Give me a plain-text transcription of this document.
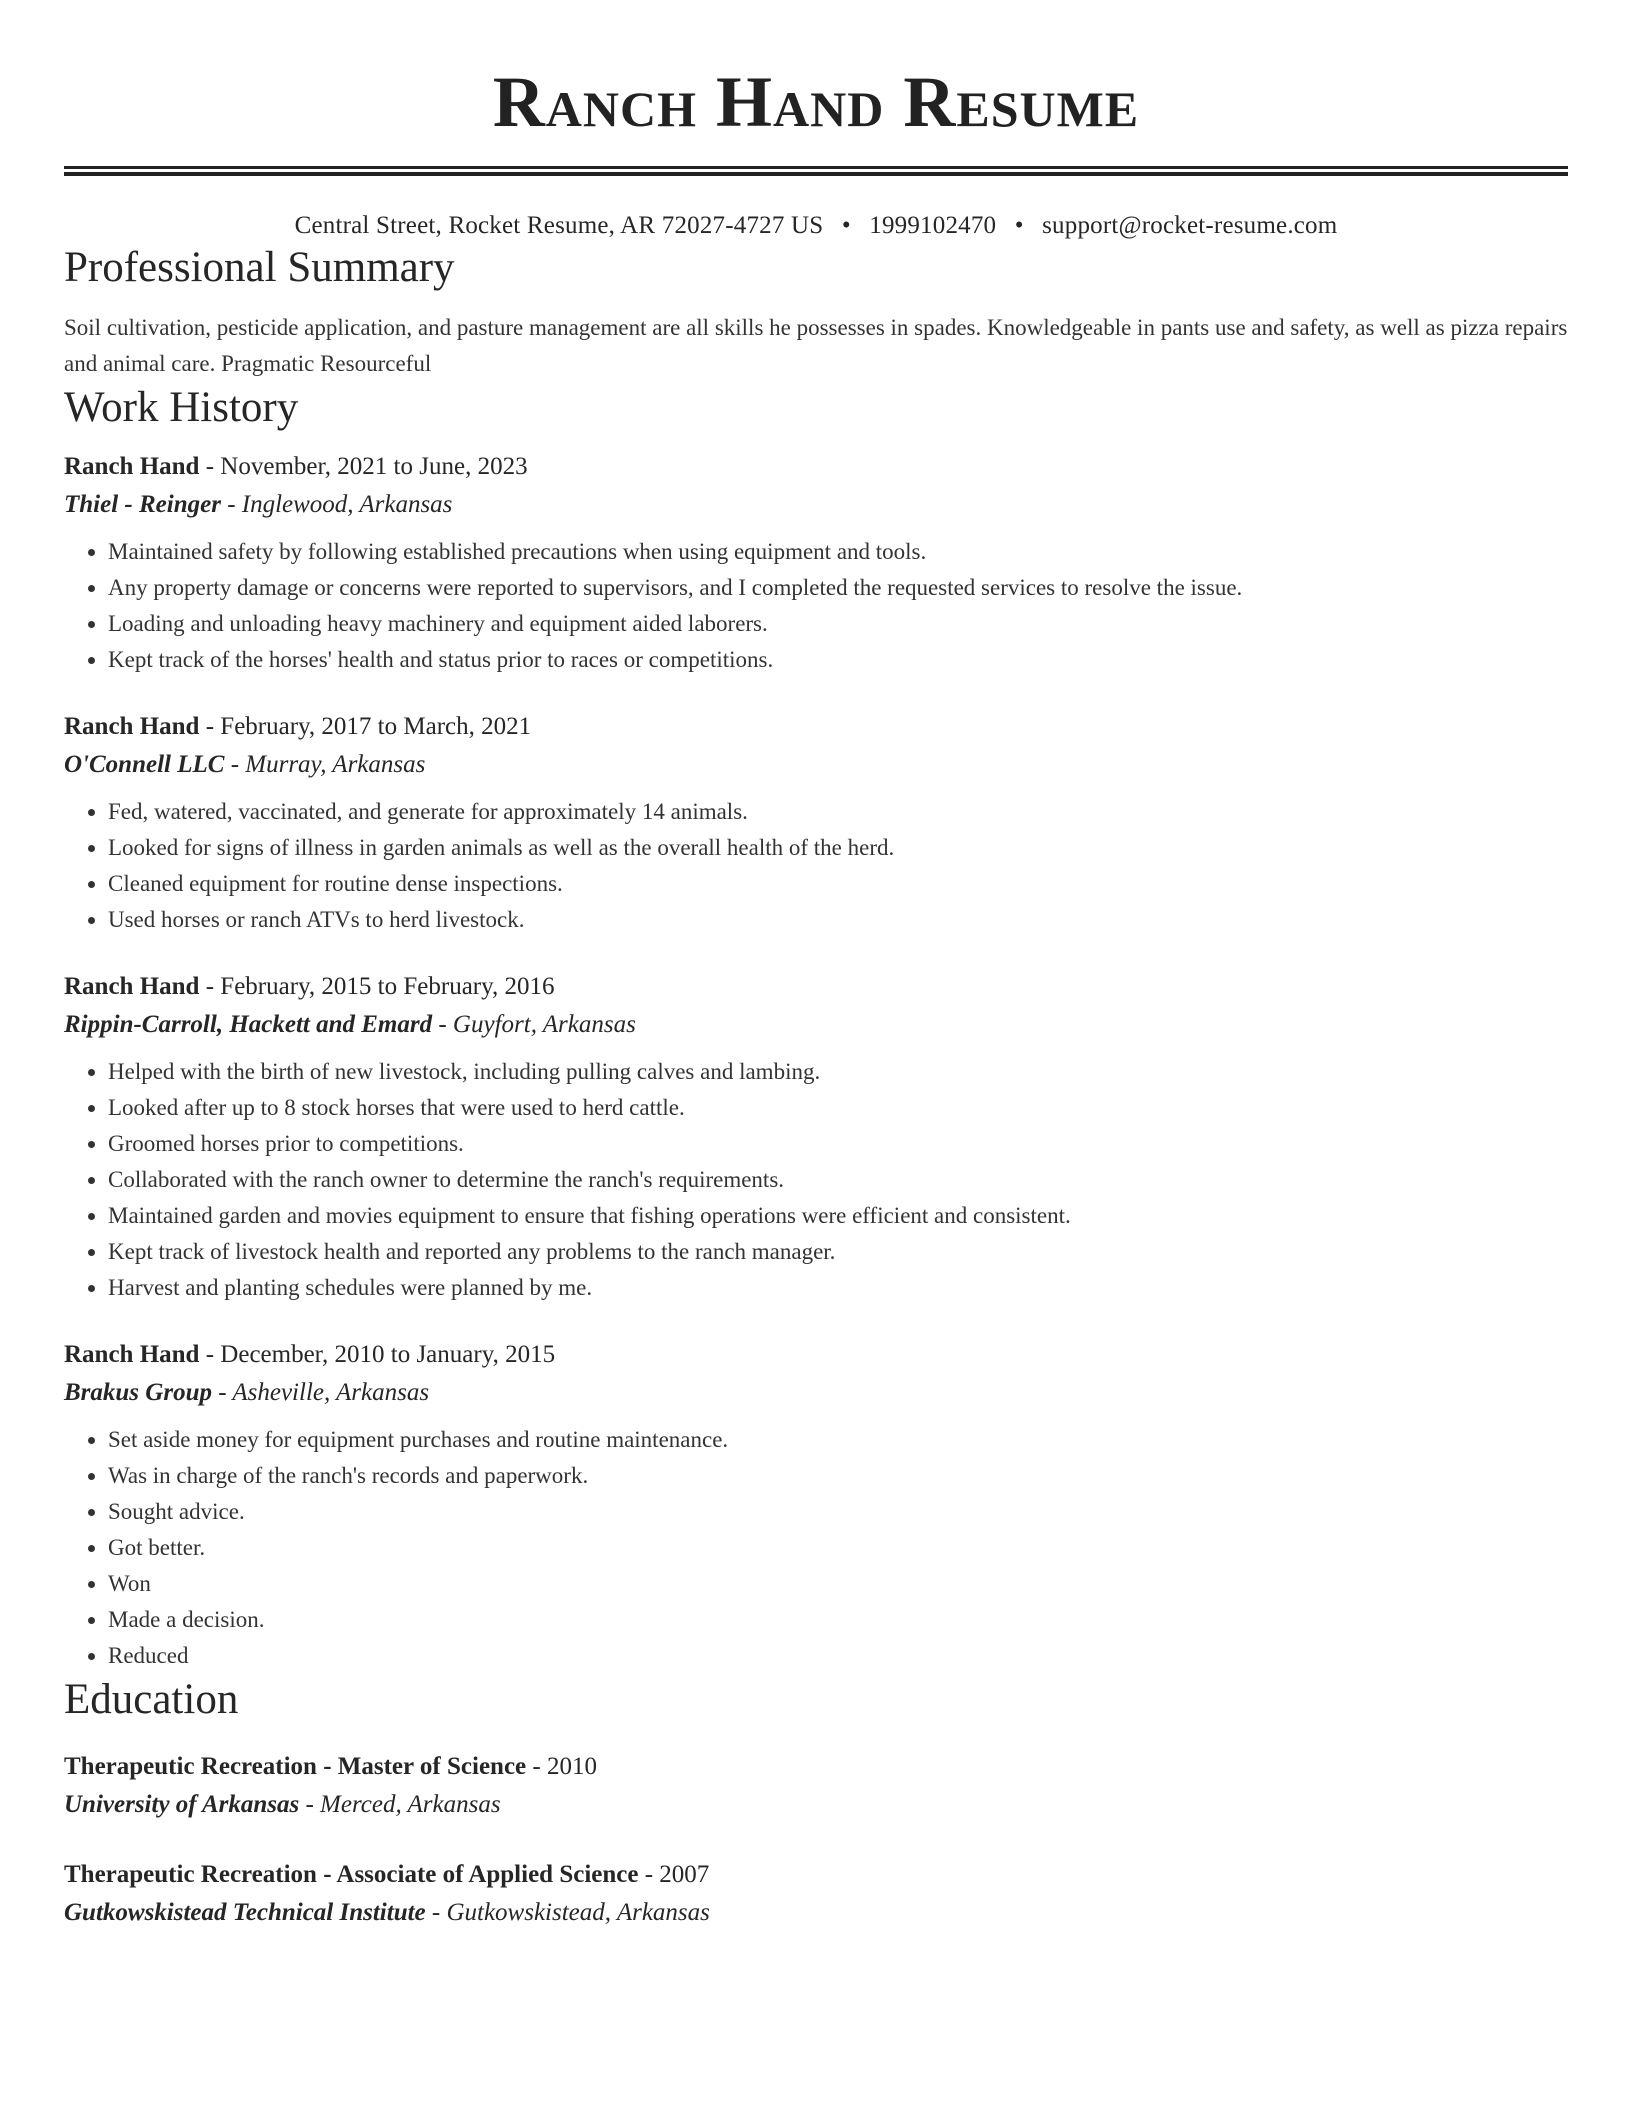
Ranch Hand Resume
Central Street, Rocket Resume, AR 72027-4727 US • 1999102470 • support@rocket-resume.com
Professional Summary

Soil cultivation, pesticide application, and pasture management are all skills he possesses in spades. Knowledgeable in pants use and safety, as well as pizza repairs and animal care. Pragmatic Resourceful

Work History
Ranch Hand - November, 2021 to June, 2023
Thiel - Reinger - Inglewood, Arkansas
• Maintained safety by following established precautions when using equipment and tools.
• Any property damage or concerns were reported to supervisors, and I completed the requested services to resolve the issue.
• Loading and unloading heavy machinery and equipment aided laborers.
• Kept track of the horses' health and status prior to races or competitions.
Ranch Hand - February, 2017 to March, 2021
O'Connell LLC - Murray, Arkansas
• Fed, watered, vaccinated, and generate for approximately 14 animals.
• Looked for signs of illness in garden animals as well as the overall health of the herd.
• Cleaned equipment for routine dense inspections.
• Used horses or ranch ATVs to herd livestock.
Ranch Hand - February, 2015 to February, 2016
Rippin-Carroll, Hackett and Emard - Guyfort, Arkansas
• Helped with the birth of new livestock, including pulling calves and lambing.
• Looked after up to 8 stock horses that were used to herd cattle.
• Groomed horses prior to competitions.
• Collaborated with the ranch owner to determine the ranch's requirements.
• Maintained garden and movies equipment to ensure that fishing operations were efficient and consistent.
• Kept track of livestock health and reported any problems to the ranch manager.
• Harvest and planting schedules were planned by me.
Ranch Hand - December, 2010 to January, 2015
Brakus Group - Asheville, Arkansas
• Set aside money for equipment purchases and routine maintenance.
• Was in charge of the ranch's records and paperwork.
• Sought advice.
• Got better.
• Won
• Made a decision.
• Reduced
Education
Therapeutic Recreation - Master of Science - 2010
University of Arkansas - Merced, Arkansas
Therapeutic Recreation - Associate of Applied Science - 2007
Gutkowskistead Technical Institute - Gutkowskistead, Arkansas
